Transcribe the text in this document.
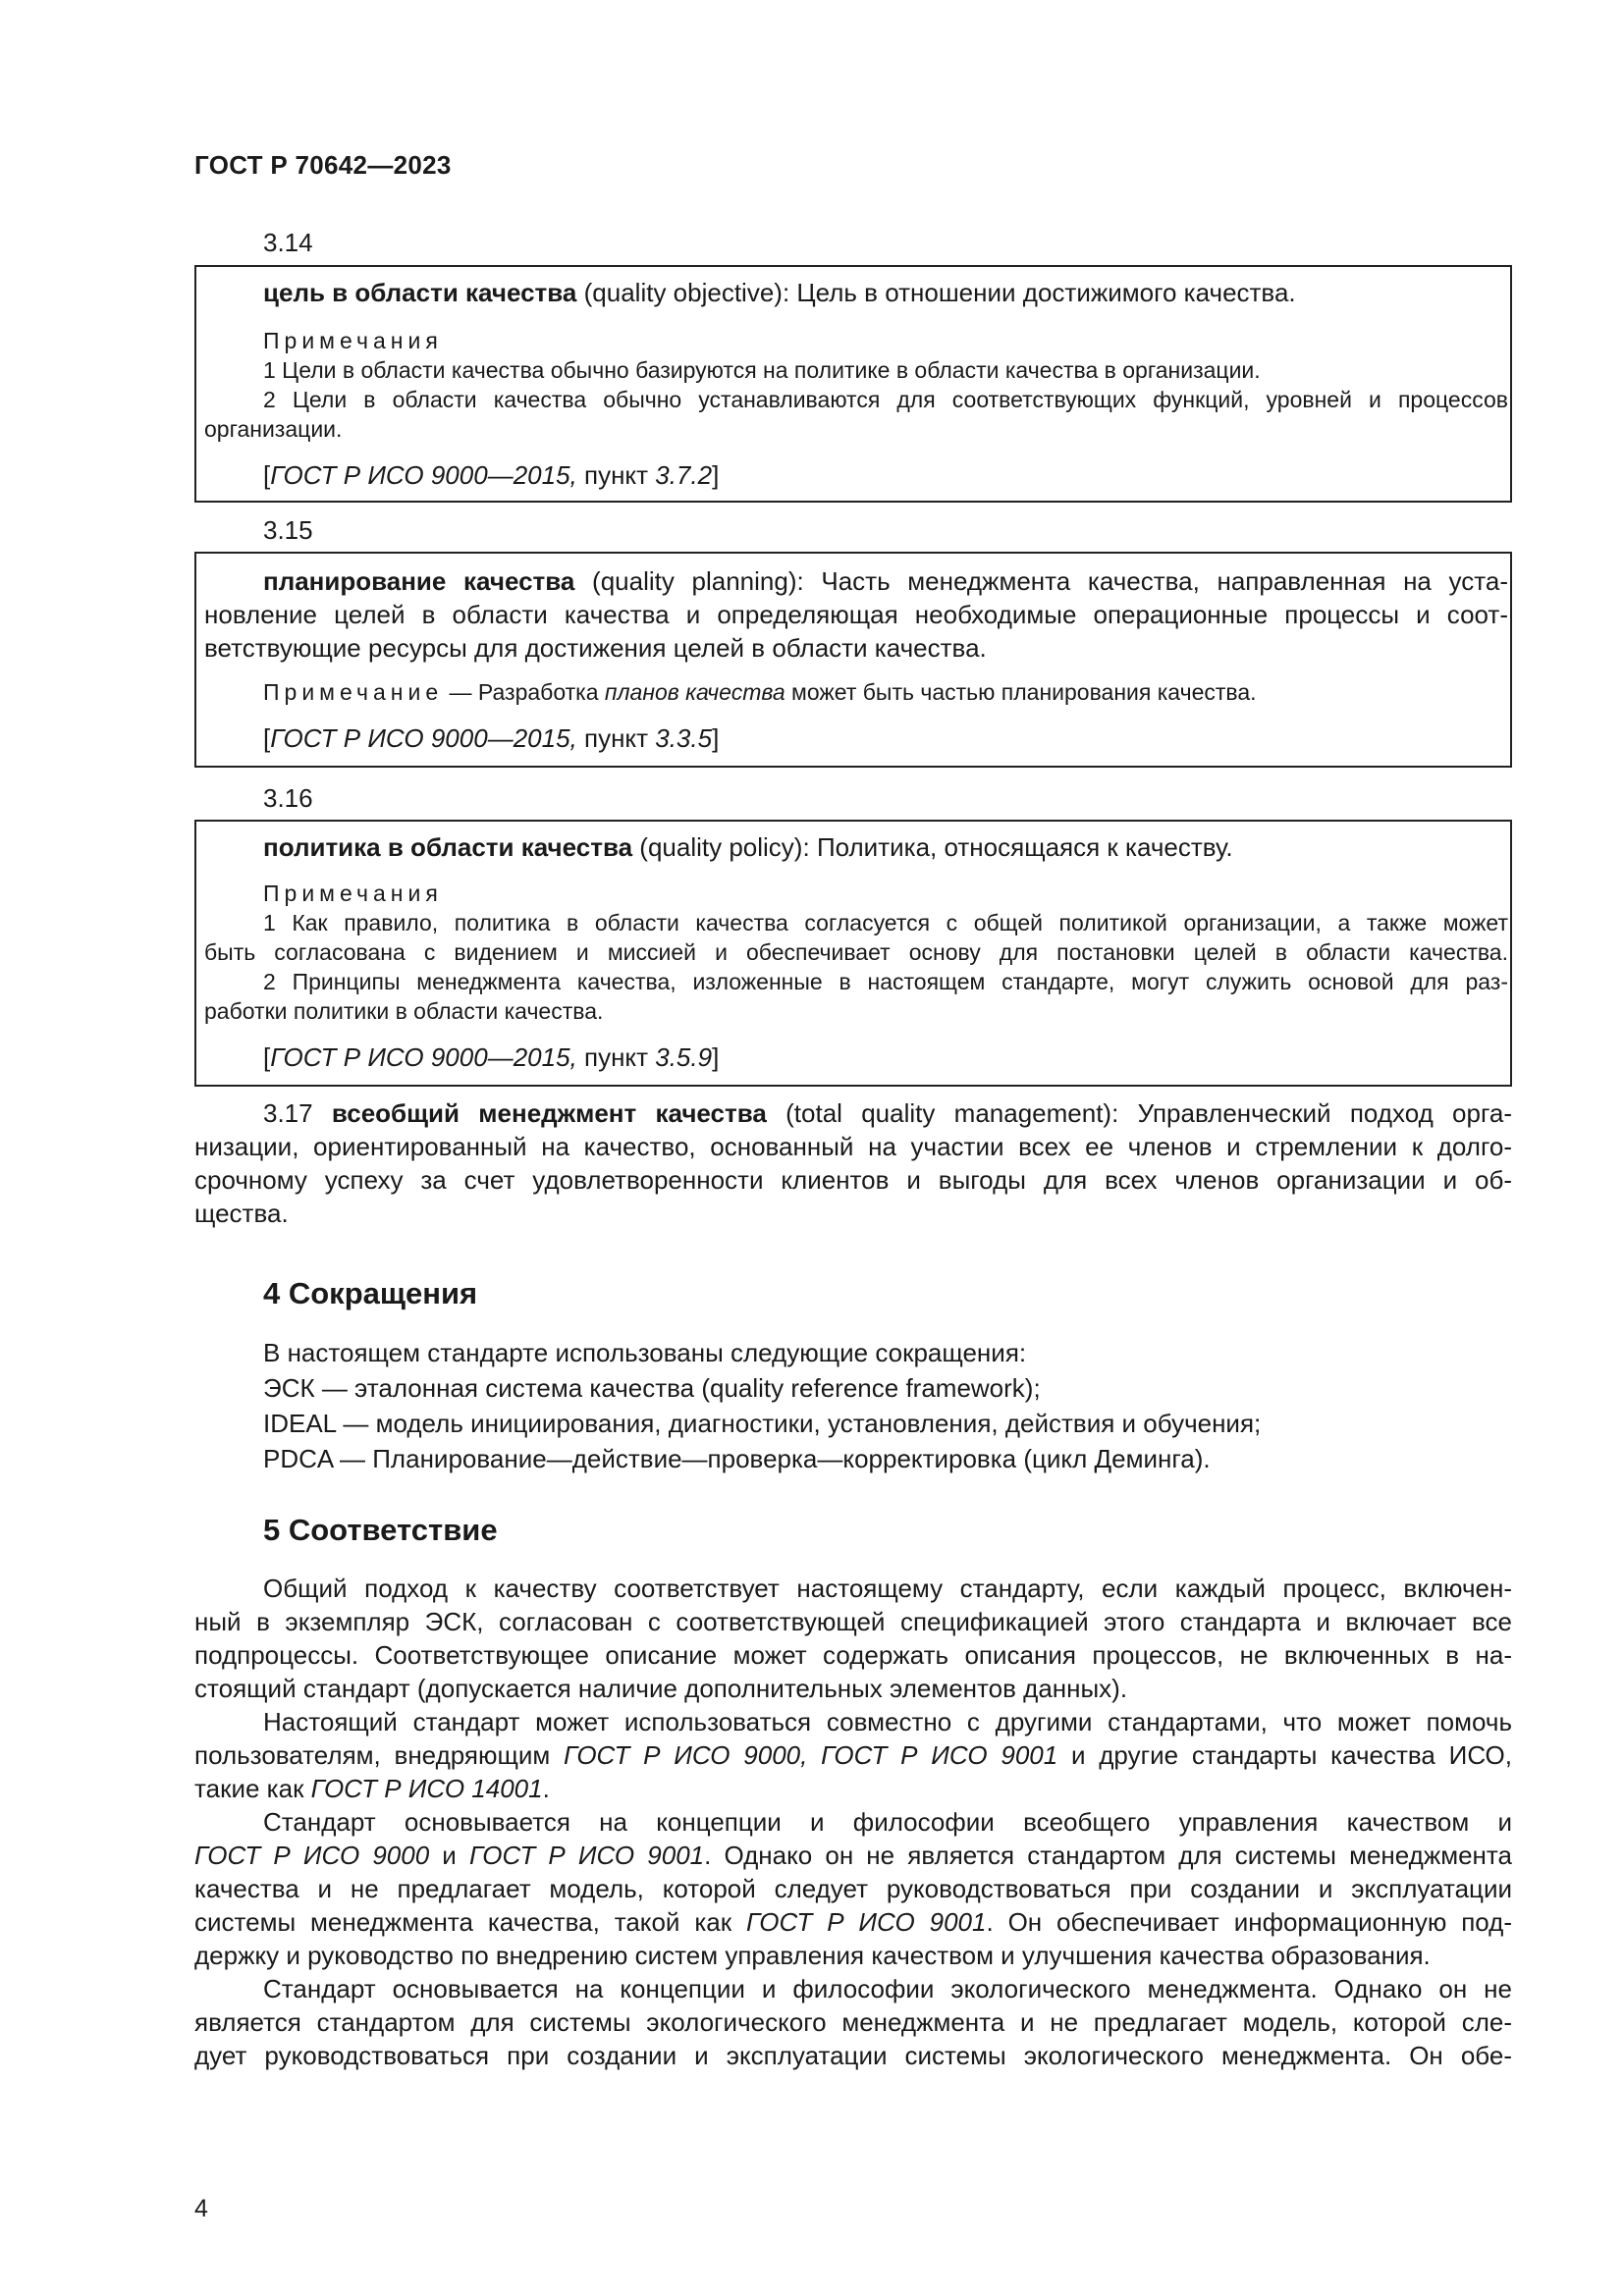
ГОСТ Р 70642—2023
3.14
цель в области качества (quality objective): Цель в отношении достижимого качества.
Примечания
1 Цели в области качества обычно базируются на политике в области качества в организации.
2 Цели в области качества обычно устанавливаются для соответствующих функций, уровней и процессов
организации.
[ГОСТ Р ИСО 9000—2015, пункт 3.7.2]
3.15
планирование качества (quality planning): Часть менеджмента качества, направленная на уста-
новление целей в области качества и определяющая необходимые операционные процессы и соот-
ветствующие ресурсы для достижения целей в области качества.
Примечание — Разработка планов качества может быть частью планирования качества.
[ГОСТ Р ИСО 9000—2015, пункт 3.3.5]
3.16
политика в области качества (quality policy): Политика, относящаяся к качеству.
Примечания
1 Как правило, политика в области качества согласуется с общей политикой организации, а также может
быть согласована с видением и миссией и обеспечивает основу для постановки целей в области качества.
2 Принципы менеджмента качества, изложенные в настоящем стандарте, могут служить основой для раз-
работки политики в области качества.
[ГОСТ Р ИСО 9000—2015, пункт 3.5.9]
3.17 всеобщий менеджмент качества (total quality management): Управленческий подход орга-
низации, ориентированный на качество, основанный на участии всех ее членов и стремлении к долго-
срочному успеху за счет удовлетворенности клиентов и выгоды для всех членов организации и об-
щества.
4 Сокращения
В настоящем стандарте использованы следующие сокращения:
ЭСК — эталонная система качества (quality reference framework);
IDEAL — модель инициирования, диагностики, установления, действия и обучения;
PDCA — Планирование—действие—проверка—корректировка (цикл Деминга).
5 Соответствие
Общий подход к качеству соответствует настоящему стандарту, если каждый процесс, включен-
ный в экземпляр ЭСК, согласован с соответствующей спецификацией этого стандарта и включает все
подпроцессы. Соответствующее описание может содержать описания процессов, не включенных в на-
стоящий стандарт (допускается наличие дополнительных элементов данных).
Настоящий стандарт может использоваться совместно с другими стандартами, что может помочь
пользователям, внедряющим ГОСТ Р ИСО 9000, ГОСТ Р ИСО 9001 и другие стандарты качества ИСО,
такие как ГОСТ Р ИСО 14001.
Стандарт основывается на концепции и философии всеобщего управления качеством и
ГОСТ Р ИСО 9000 и ГОСТ Р ИСО 9001. Однако он не является стандартом для системы менеджмента
качества и не предлагает модель, которой следует руководствоваться при создании и эксплуатации
системы менеджмента качества, такой как ГОСТ Р ИСО 9001. Он обеспечивает информационную под-
держку и руководство по внедрению систем управления качеством и улучшения качества образования.
Стандарт основывается на концепции и философии экологического менеджмента. Однако он не
является стандартом для системы экологического менеджмента и не предлагает модель, которой сле-
дует руководствоваться при создании и эксплуатации системы экологического менеджмента. Он обе-
4
